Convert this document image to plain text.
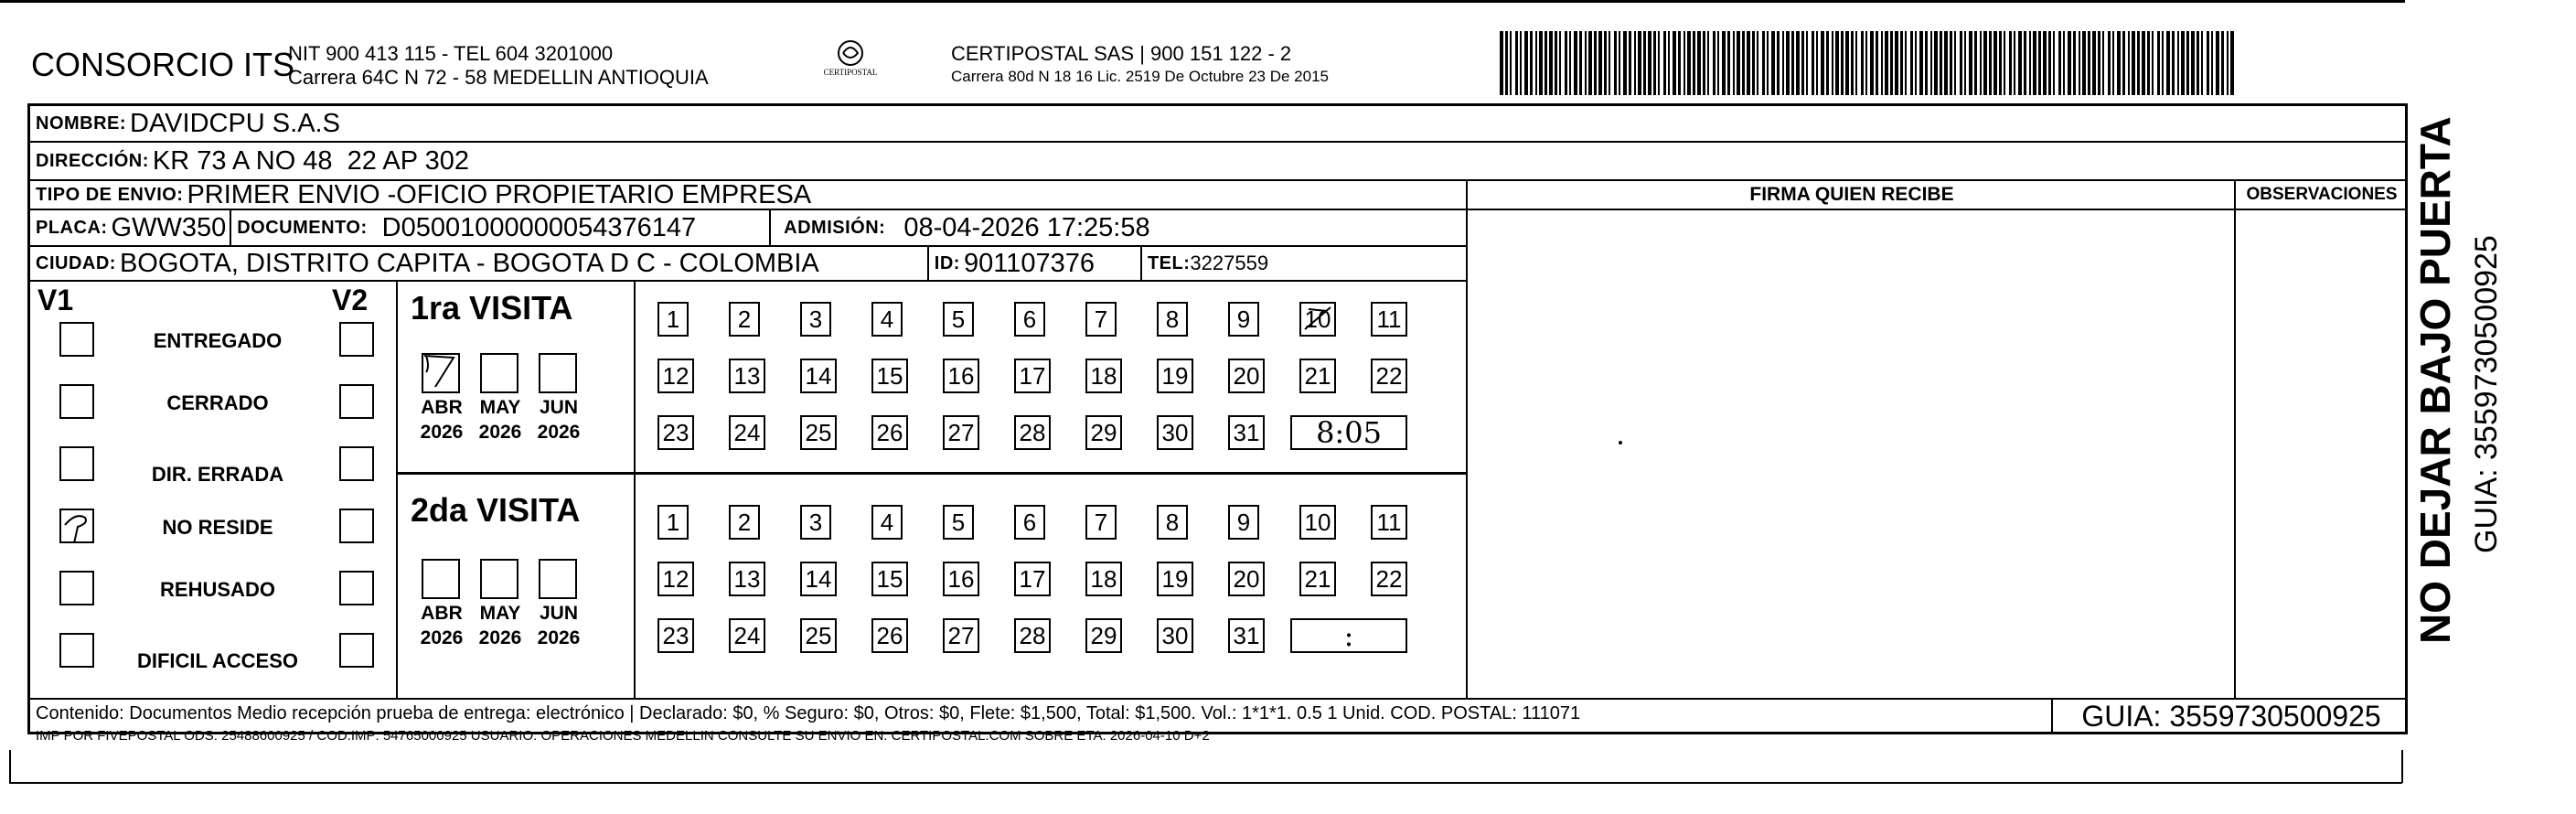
CONSORCIO ITS
NIT 900 413 115 - TEL 604 3201000
Carrera 64C N 72 - 58 MEDELLIN ANTIOQUIA	CERTIPOSTAL
CERTIPOSTAL SAS | 900 151 122 - 2
Carrera 80d N 18 16 Lic. 2519 De Octubre 23 De 2015
NOMBRE: DAVIDCPU S.A.S
DIRECCIÓN: KR 73 A NO 48  22 AP 302
TIPO DE ENVIO: PRIMER ENVIO -OFICIO PROPIETARIO EMPRESA
PLACA: GWW350 DOCUMENTO: D05001000000054376147	ADMISIÓN: 08-04-2026 17:25:58
CIUDAD: BOGOTA, DISTRITO CAPITA - BOGOTA D C - COLOMBIA	ID: 901107376	TEL: 3227559
FIRMA QUIEN RECIBE	OBSERVACIONES
V1	V2
ENTREGADO
CERRADO
DIR. ERRADA
NO RESIDE
REHUSADO
DIFICIL ACCESO
1ra VISITA
ABR
2026
MAY
2026
JUN
2026
2da VISITA
ABR
2026
MAY
2026
JUN
2026
1	2	3	4	5	6	7	8	9	10 11
12 13 14 15 16 17 18 19 20 21 22
23 24 25 26 27 28 29 30 31	8:05
1	2	3	4	5	6	7	8	9	10 11
12 13 14 15 16 17 18 19 20 21 22
23 24 25 26 27 28 29 30 31	:
Contenido: Documentos Medio recepción prueba de entrega: electrónico | Declarado: $0, % Seguro: $0, Otros: $0, Flete: $1,500, Total: $1,500. Vol.: 1*1*1. 0.5 1 Unid. COD. POSTAL: 111071
IMP POR FIVEPOSTAL ODS: 25488600925 / COD.IMP: 54765000925 USUARIO: OPERACIONES MEDELLIN CONSULTE SU ENVIO EN: CERTIPOSTAL.COM SOBRE ETA: 2026-04-10 D+2
GUIA: 3559730500925
NO DEJAR BAJO PUERTA GUIA: 3559730500925
